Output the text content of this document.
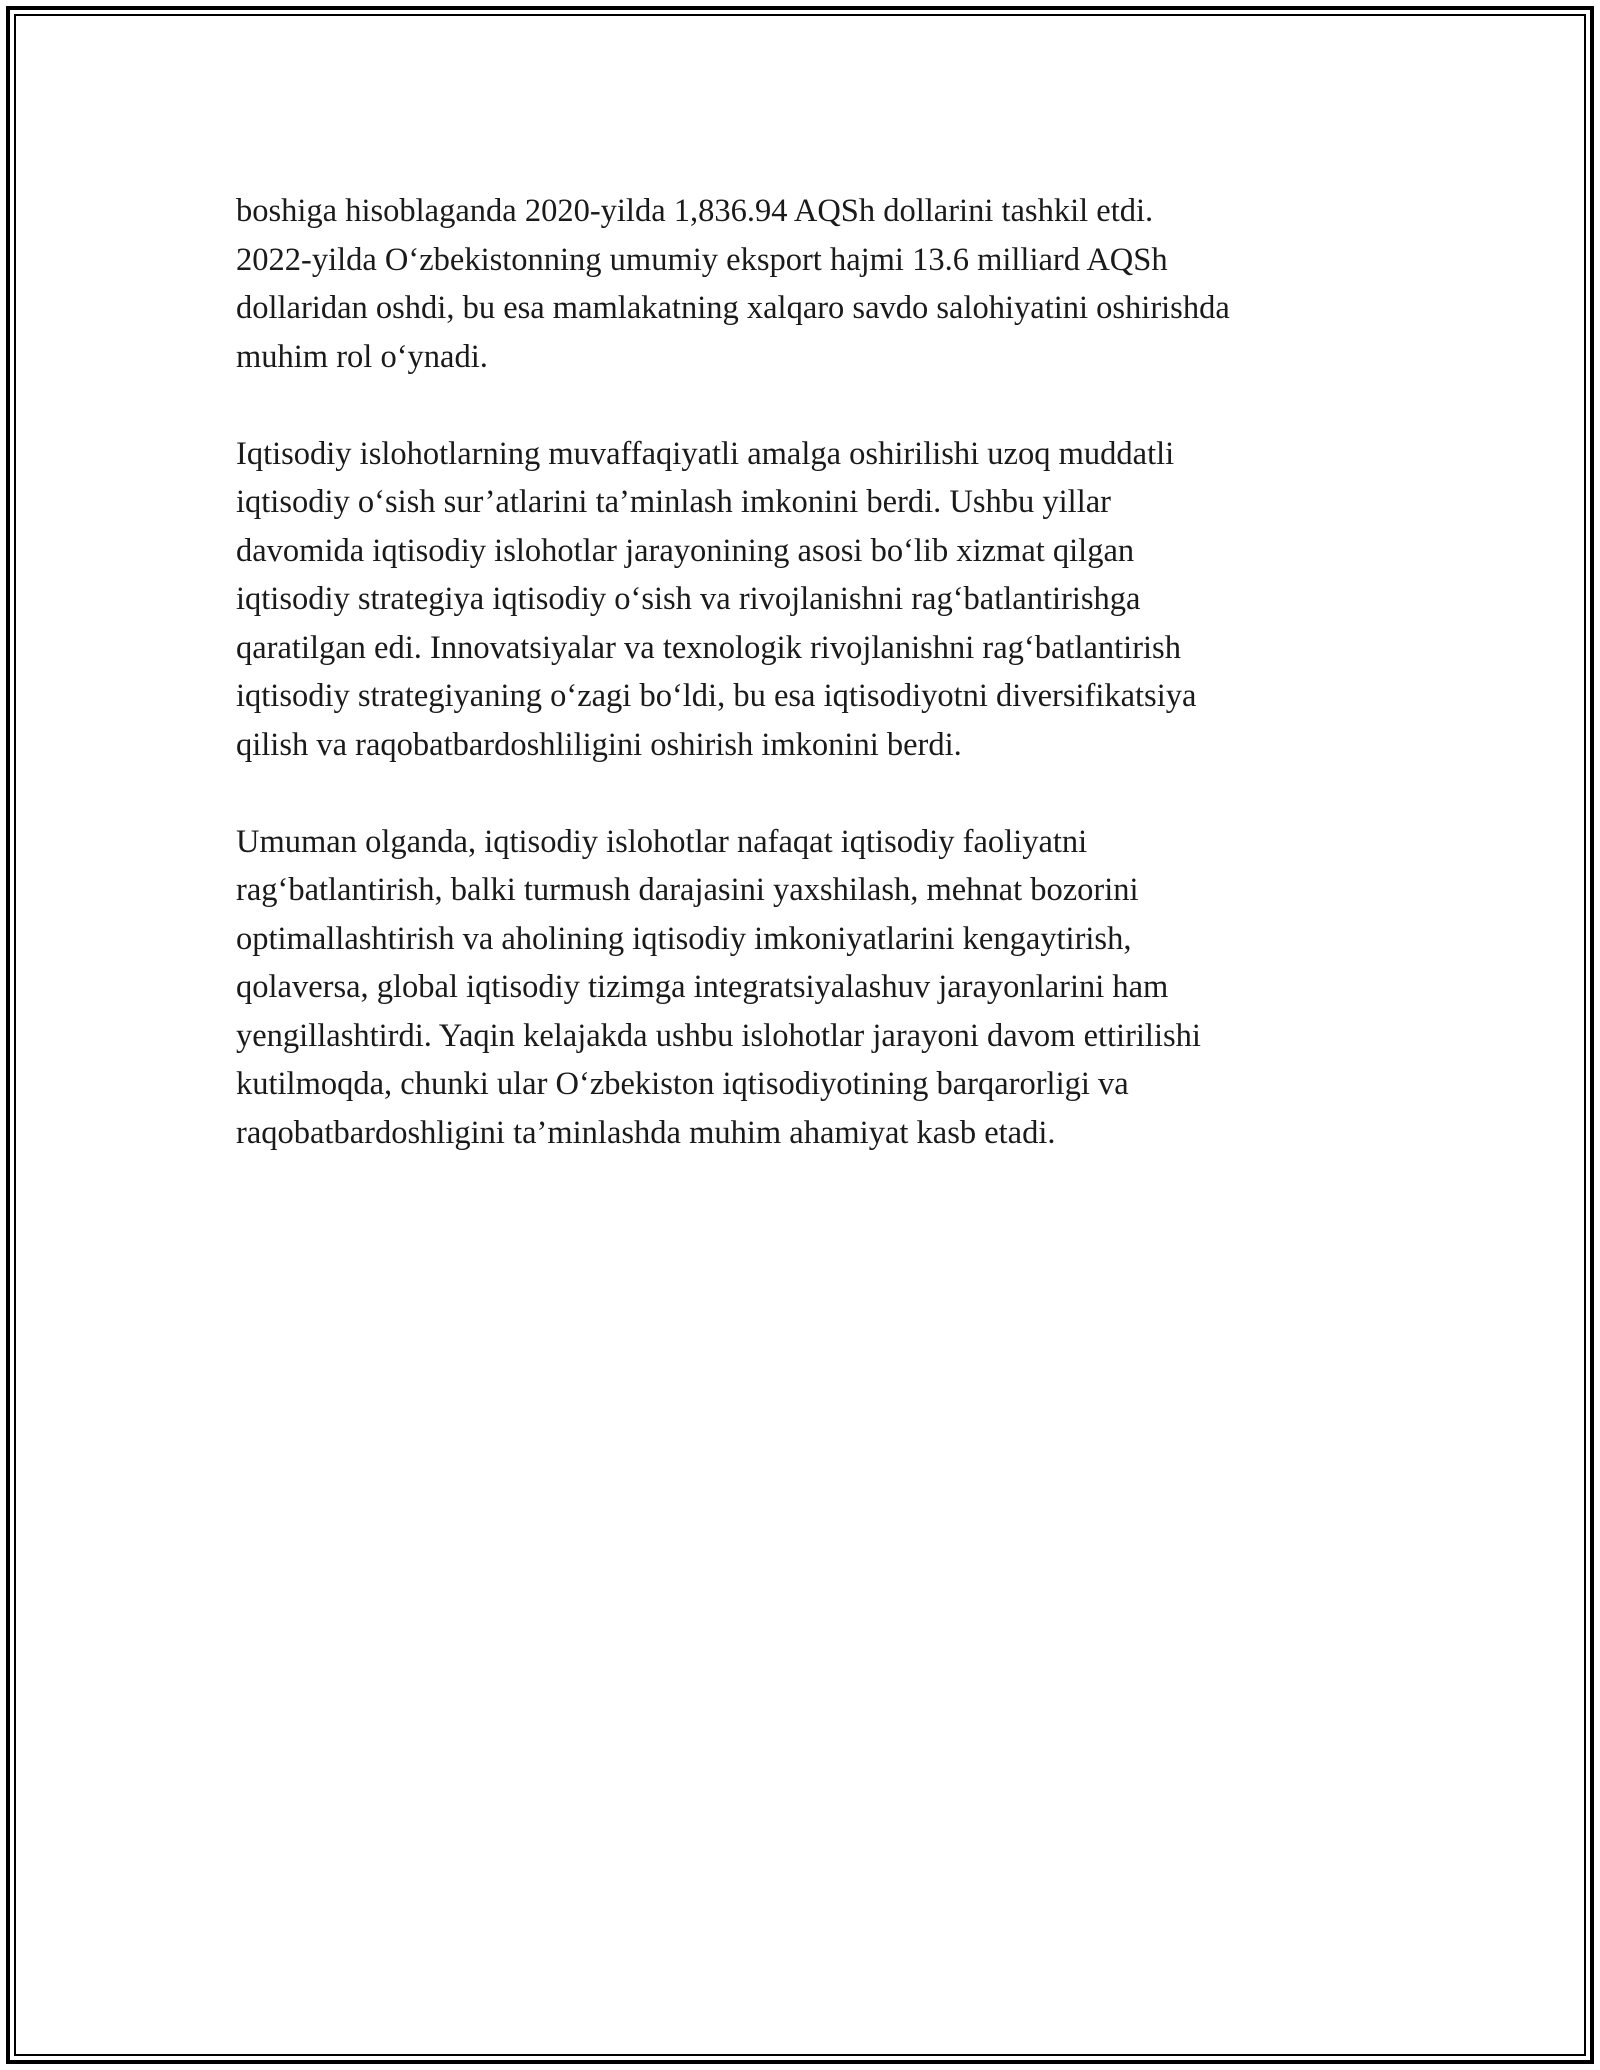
boshiga hisoblaganda 2020-yilda 1,836.94 AQSh dollarini tashkil etdi.
2022-yilda O‘zbekistonning umumiy eksport hajmi 13.6 milliard AQSh
dollaridan oshdi, bu esa mamlakatning xalqaro savdo salohiyatini oshirishda
muhim rol o‘ynadi.
Iqtisodiy islohotlarning muvaffaqiyatli amalga oshirilishi uzoq muddatli
iqtisodiy o‘sish sur’atlarini ta’minlash imkonini berdi. Ushbu yillar
davomida iqtisodiy islohotlar jarayonining asosi bo‘lib xizmat qilgan
iqtisodiy strategiya iqtisodiy o‘sish va rivojlanishni rag‘batlantirishga
qaratilgan edi. Innovatsiyalar va texnologik rivojlanishni rag‘batlantirish
iqtisodiy strategiyaning o‘zagi bo‘ldi, bu esa iqtisodiyotni diversifikatsiya
qilish va raqobatbardoshliligini oshirish imkonini berdi.
Umuman olganda, iqtisodiy islohotlar nafaqat iqtisodiy faoliyatni
rag‘batlantirish, balki turmush darajasini yaxshilash, mehnat bozorini
optimallashtirish va aholining iqtisodiy imkoniyatlarini kengaytirish,
qolaversa, global iqtisodiy tizimga integratsiyalashuv jarayonlarini ham
yengillashtirdi. Yaqin kelajakda ushbu islohotlar jarayoni davom ettirilishi
kutilmoqda, chunki ular O‘zbekiston iqtisodiyotining barqarorligi va
raqobatbardoshligini ta’minlashda muhim ahamiyat kasb etadi.
